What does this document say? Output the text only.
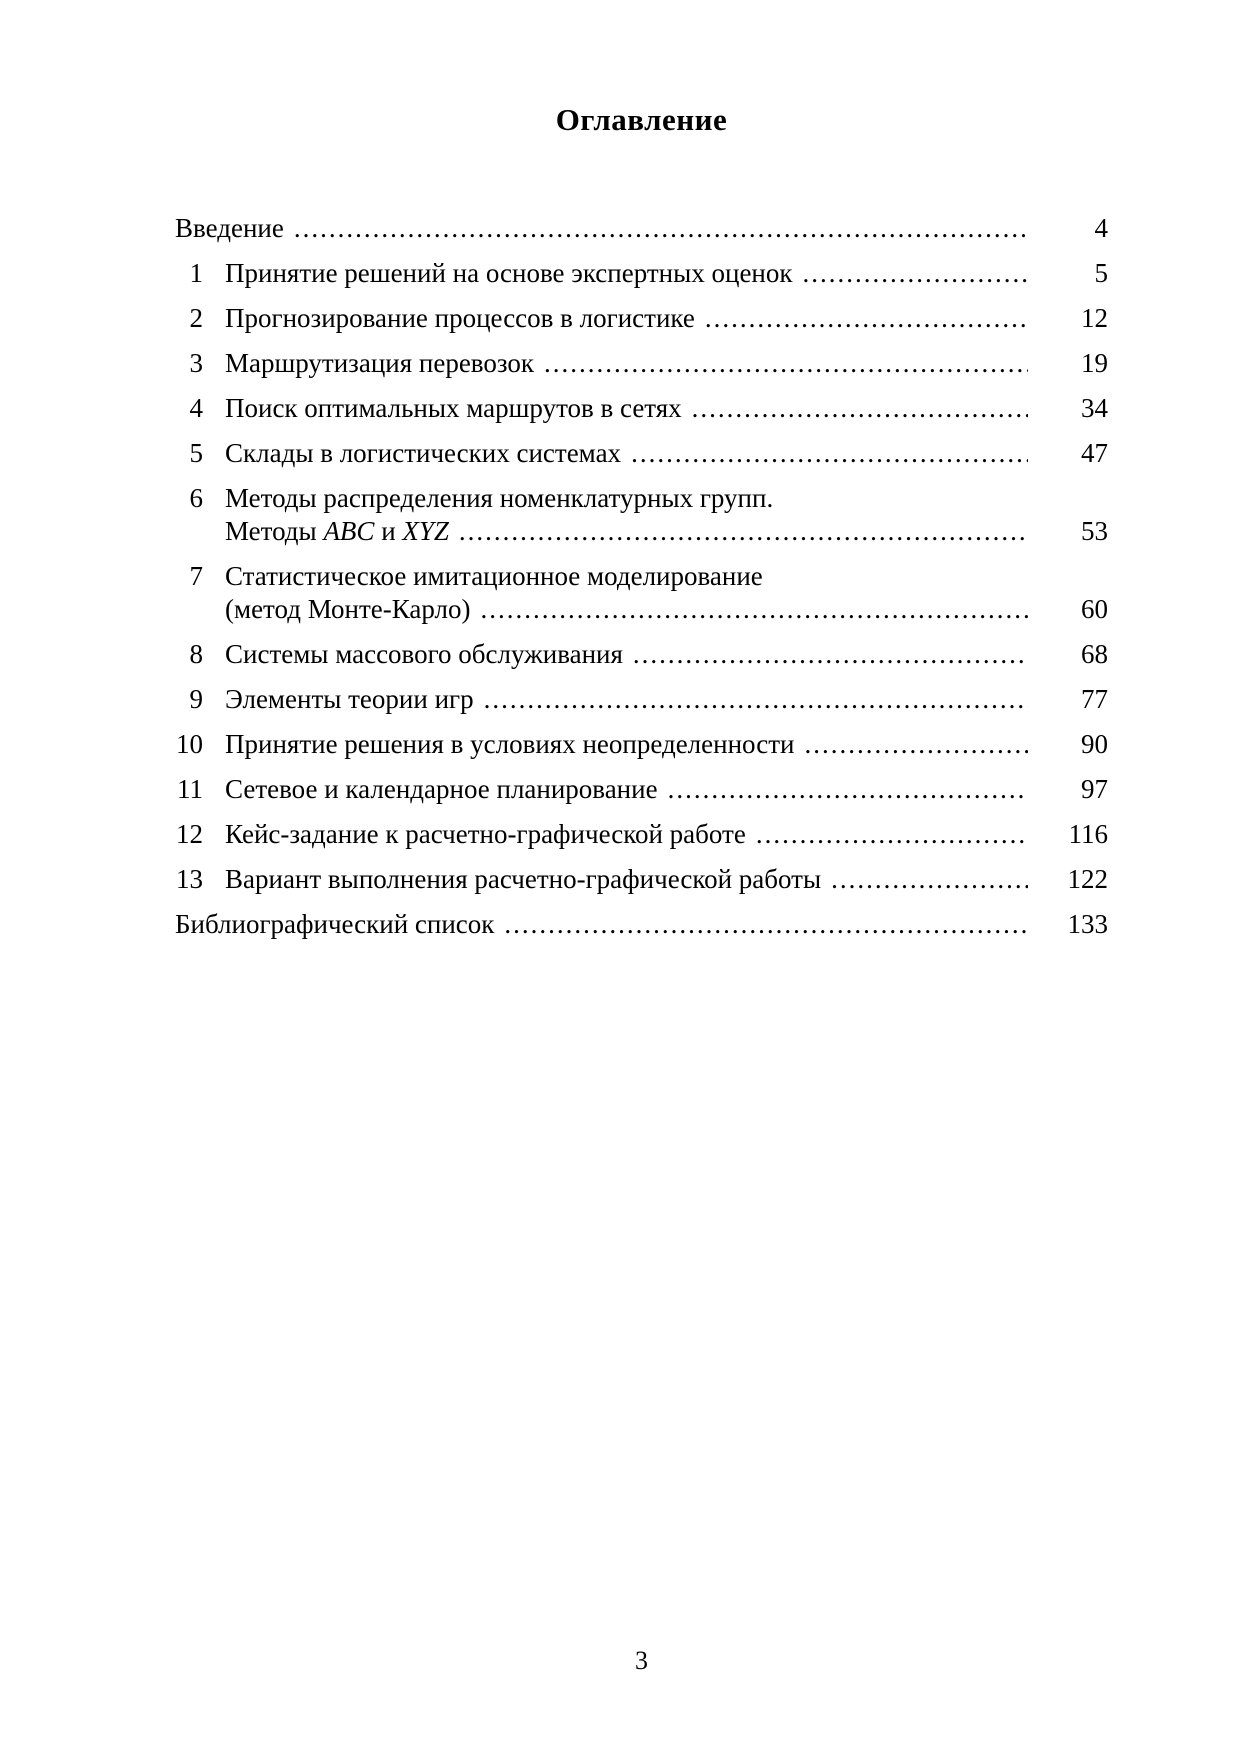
Оглавление
Введение .....	4
1 Принятие решений на основе экспертных оценок .....	5
2 Прогнозирование процессов в логистике .....	12
3 Маршрутизация перевозок .....	19
4 Поиск оптимальных маршрутов в сетях .....	34
5 Склады в логистических системах .....	47
6 Методы распределения номенклатурных групп.
Методы ABC и XYZ .....	53
7 Статистическое имитационное моделирование
(метод Монте-Карло) .....	60
8 Системы массового обслуживания .....	68
9 Элементы теории игр .....	77
10 Принятие решения в условиях неопределенности .....	90
11 Сетевое и календарное планирование .....	97
12 Кейс-задание к расчетно-графической работе .....	116
13 Вариант выполнения расчетно-графической работы .....	122
Библиографический список .....	133
3
